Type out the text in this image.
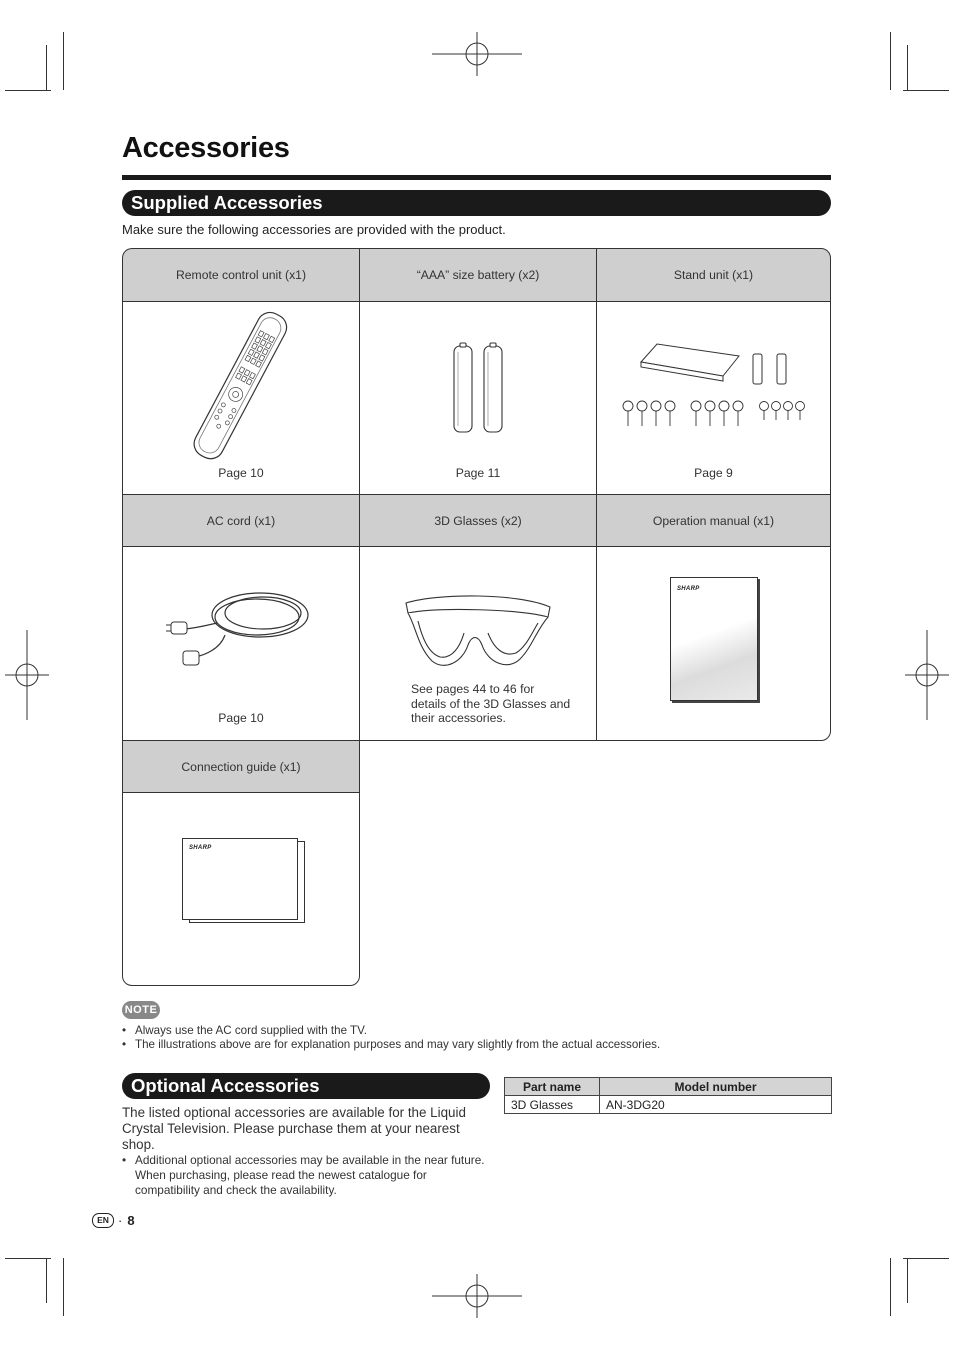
Accessories
Supplied Accessories
Make sure the following accessories are provided with the product.
Remote control unit (x1)	“AAA” size battery (x2)	Stand unit (x1)
Page 10	Page 11	Page 9
AC cord (x1)	3D Glasses (x2)	Operation manual (x1)
Page 10
See pages 44 to 46 for details of the 3D Glasses and their accessories.
SHARP
Connection guide (x1)
SHARP
NOTE
• Always use the AC cord supplied with the TV.
• The illustrations above are for explanation purposes and may vary slightly from the actual accessories.
Optional Accessories
The listed optional accessories are available for the Liquid Crystal Television. Please purchase them at your nearest shop.
• Additional optional accessories may be available in the near future. When purchasing, please read the newest catalogue for compatibility and check the availability.
Part name	Model number
3D Glasses	AN-3DG20
EN · 8
